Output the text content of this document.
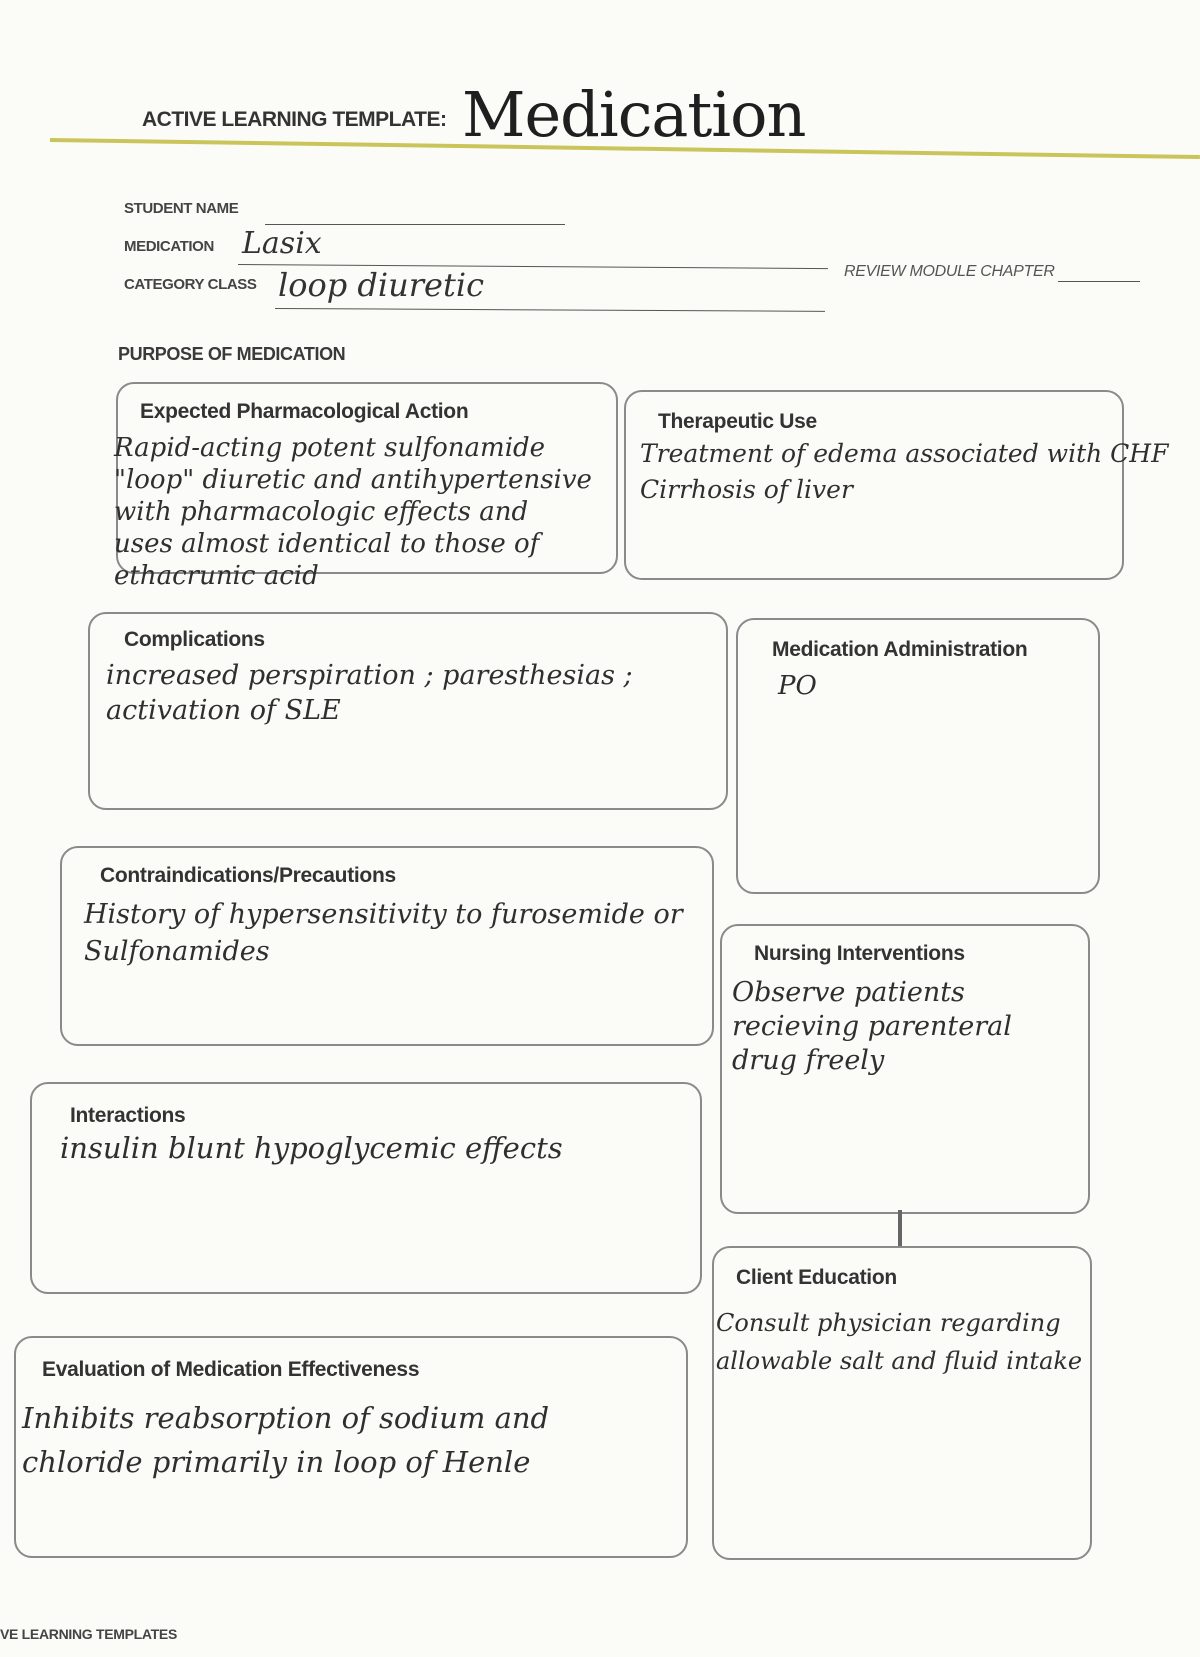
ACTIVE LEARNING TEMPLATE: Medication
STUDENT NAME
MEDICATION Lasix
CATEGORY CLASS loop diuretic	REVIEW MODULE CHAPTER
PURPOSE OF MEDICATION
Expected Pharmacological Action
Rapid-acting potent sulfonamide
"loop" diuretic and antihypertensive
with pharmacologic effects and
uses almost identical to those of
ethacrunic acid
Therapeutic Use
Treatment of edema associated with CHF
Cirrhosis of liver
Complications
increased perspiration ; paresthesias ;
activation of SLE
Medication Administration
PO
Contraindications/Precautions
History of hypersensitivity to furosemide or
Sulfonamides	Nursing Interventions
Observe patients
recieving parenteral
drug freely
Interactions
insulin blunt hypoglycemic effects
Client Education
Consult physician regarding
allowable salt and fluid intake
Evaluation of Medication Effectiveness
Inhibits reabsorption of sodium and
chloride primarily in loop of Henle
VE LEARNING TEMPLATES
